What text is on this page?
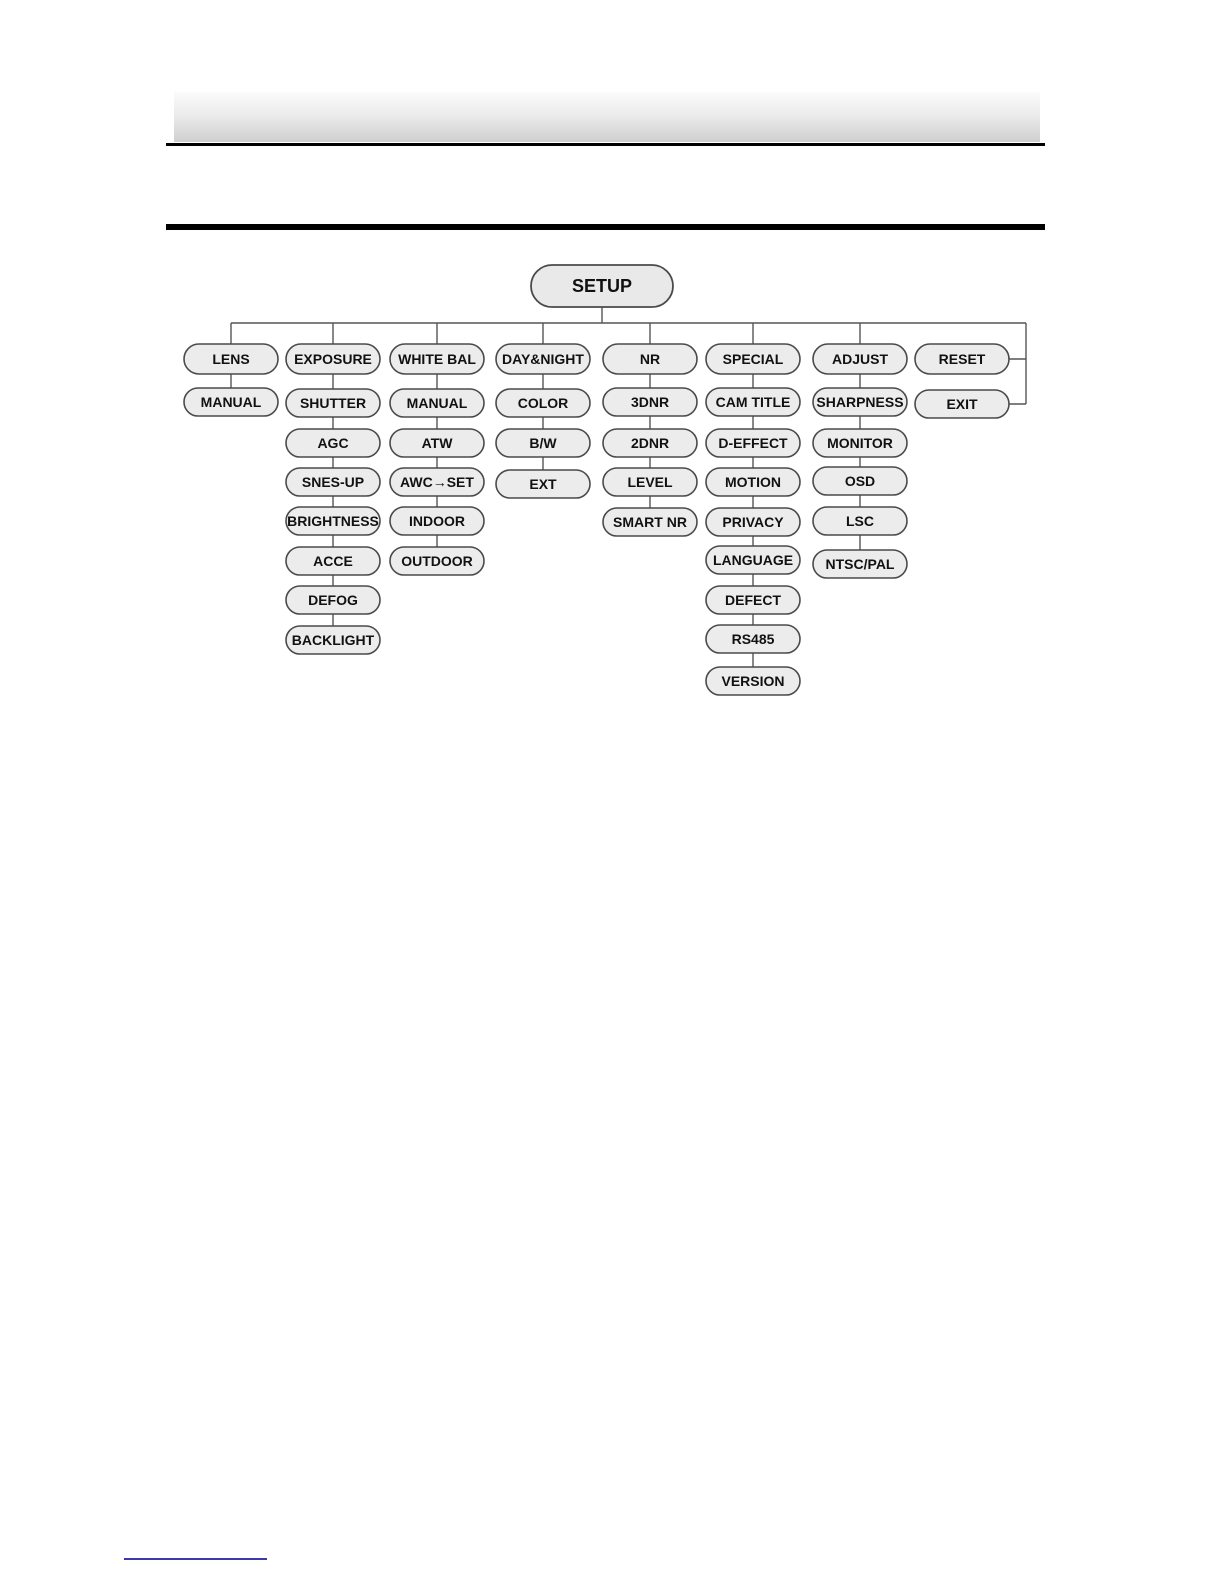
SETUP
LENS
MANUAL
EXPOSURE
SHUTTER
AGC
SNES-UP
BRIGHTNESS
ACCE
DEFOG
BACKLIGHT
WHITE BAL
MANUAL
ATW
AWC→SET
INDOOR
OUTDOOR
DAY&NIGHT
COLOR
B/W
EXT
NR
3DNR
2DNR
LEVEL
SMART NR
SPECIAL
CAM TITLE
D-EFFECT
MOTION
PRIVACY
LANGUAGE
DEFECT
RS485
VERSION
ADJUST
SHARPNESS
MONITOR
OSD
LSC
NTSC/PAL
RESET
EXIT
